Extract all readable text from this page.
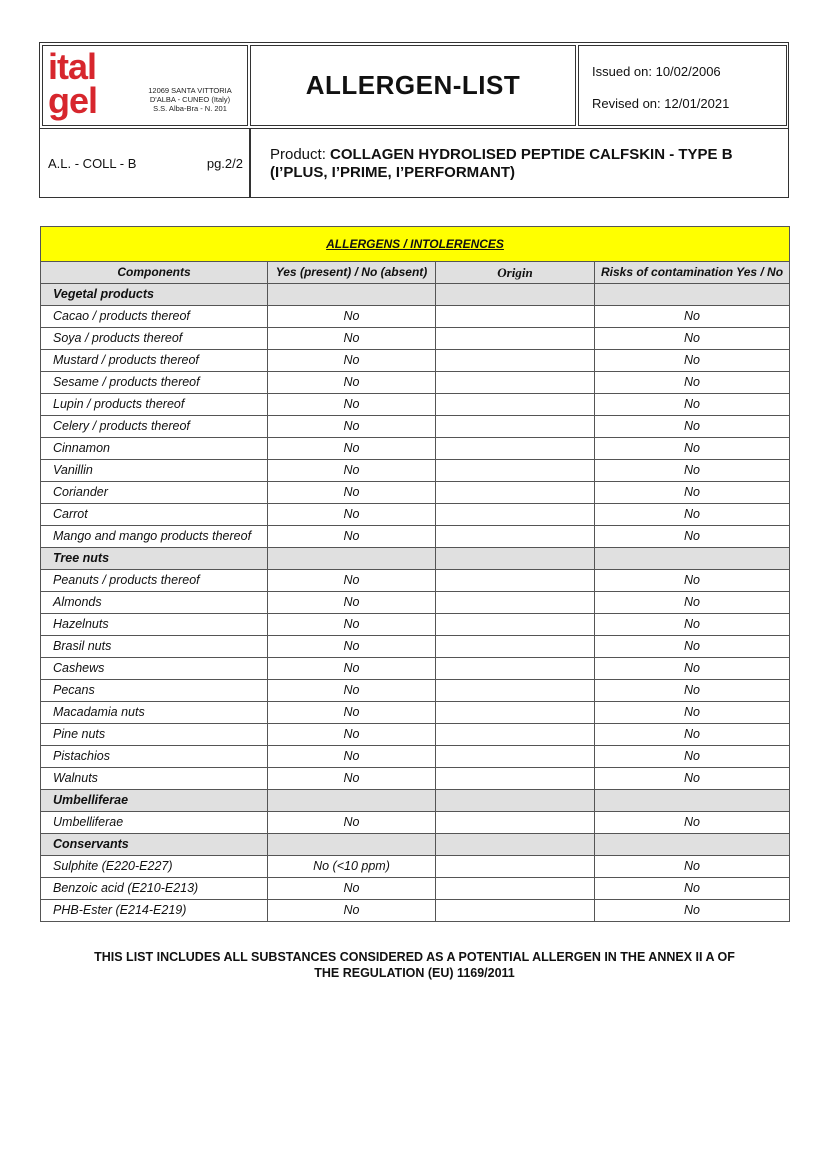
ital
gel	12069 SANTA VITTORIA
D'ALBA - CUNEO (Italy)
S.S. Alba-Bra - N. 201
ALLERGEN-LIST	Issued on: 10/02/2006
Revised on: 12/01/2021
A.L. - COLL - B	pg.2/2
Product: COLLAGEN HYDROLISED PEPTIDE CALFSKIN - TYPE B
(I’PLUS, I’PRIME, I’PERFORMANT)
ALLERGENS / INTOLERENCES			
Components	Yes (present) / No (absent)	Origin	Risks of contamination Yes / No
Vegetal products			
Cacao / products thereof	No		No
Soya / products thereof	No		No
Mustard / products thereof	No		No
Sesame / products thereof	No		No
Lupin / products thereof	No		No
Celery / products thereof	No		No
Cinnamon	No		No
Vanillin	No		No
Coriander	No		No
Carrot	No		No
Mango and mango products thereof	No		No
Tree nuts			
Peanuts / products thereof	No		No
Almonds	No		No
Hazelnuts	No		No
Brasil nuts	No		No
Cashews	No		No
Pecans	No		No
Macadamia nuts	No		No
Pine nuts	No		No
Pistachios	No		No
Walnuts	No		No
Umbelliferae			
Umbelliferae	No		No
Conservants			
Sulphite (E220-E227)	No (<10 ppm)		No
Benzoic acid (E210-E213)	No		No
PHB-Ester (E214-E219)	No		No
THIS LIST INCLUDES ALL SUBSTANCES CONSIDERED AS A POTENTIAL ALLERGEN IN THE ANNEX II A OF
THE REGULATION (EU) 1169/2011
